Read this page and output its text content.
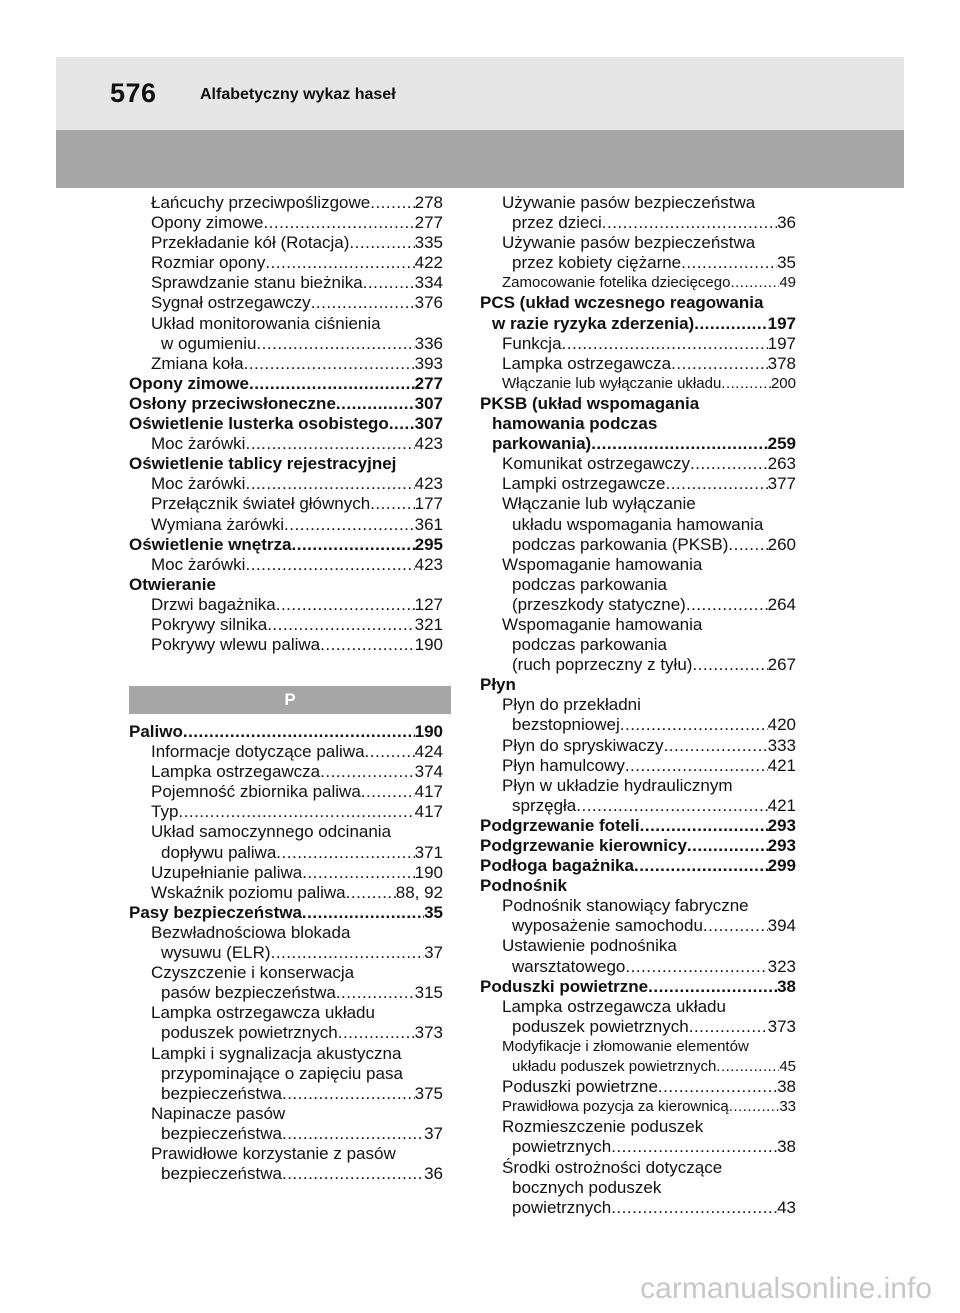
576	Alfabetyczny wykaz haseł
Łańcuchy przeciwpoślizgowe .....	278
Opony zimowe .....	277
Przekładanie kół (Rotacja) .....	335
Rozmiar opony .....	422
Sprawdzanie stanu bieżnika .....	334
Sygnał ostrzegawczy .....	376
Układ monitorowania ciśnienia
w ogumieniu .....	336
Zmiana koła .....	393
Opony zimowe .....	277
Osłony przeciwsłoneczne .....	307
Oświetlenie lusterka osobistego ..... 307
Moc żarówki .....	423
Oświetlenie tablicy rejestracyjnej
Moc żarówki .....	423
Przełącznik świateł głównych .....	177
Wymiana żarówki .....	361
Oświetlenie wnętrza .....	295
Moc żarówki .....	423
Otwieranie
Drzwi bagażnika .....	127
Pokrywy silnika .....	321
Pokrywy wlewu paliwa .....	190
P
Paliwo .....	190
Informacje dotyczące paliwa .....	424
Lampka ostrzegawcza .....	374
Pojemność zbiornika paliwa .....	417
Typ .....	417
Układ samoczynnego odcinania
dopływu paliwa .....	371
Uzupełnianie paliwa .....	190
Wskaźnik poziomu paliwa .....	88, 92
Pasy bezpieczeństwa .....	35
Bezwładnościowa blokada
wysuwu (ELR) .....	37
Czyszczenie i konserwacja
pasów bezpieczeństwa .....	315
Lampka ostrzegawcza układu
poduszek powietrznych .....	373
Lampki i sygnalizacja akustyczna
przypominające o zapięciu pasa
bezpieczeństwa .....	375
Napinacze pasów
bezpieczeństwa .....	37
Prawidłowe korzystanie z pasów
bezpieczeństwa .....	36
Używanie pasów bezpieczeństwa
przez dzieci .....	36
Używanie pasów bezpieczeństwa
przez kobiety ciężarne .....	35
Zamocowanie fotelika dziecięcego .....	49
PCS (układ wczesnego reagowania
w razie ryzyka zderzenia) .....	197
Funkcja .....	197
Lampka ostrzegawcza .....	378
Włączanie lub wyłączanie układu .....	200
PKSB (układ wspomagania
hamowania podczas
parkowania) .....	259
Komunikat ostrzegawczy .....	263
Lampki ostrzegawcze .....	377
Włączanie lub wyłączanie
układu wspomagania hamowania
podczas parkowania (PKSB) ..... 260
Wspomaganie hamowania
podczas parkowania
(przeszkody statyczne) .....	264
Wspomaganie hamowania
podczas parkowania
(ruch poprzeczny z tyłu) .....	267
Płyn
Płyn do przekładni
bezstopniowej .....	420
Płyn do spryskiwaczy .....	333
Płyn hamulcowy .....	421
Płyn w układzie hydraulicznym
sprzęgła .....	421
Podgrzewanie foteli .....	293
Podgrzewanie kierownicy .....	293
Podłoga bagażnika .....	299
Podnośnik
Podnośnik stanowiący fabryczne
wyposażenie samochodu .....	394
Ustawienie podnośnika
warsztatowego .....	323
Poduszki powietrzne .....	38
Lampka ostrzegawcza układu
poduszek powietrznych .....	373
Modyfikacje i złomowanie elementów
układu poduszek powietrznych .....	45
Poduszki powietrzne .....	38
Prawidłowa pozycja za kierownicą .....	33
Rozmieszczenie poduszek
powietrznych .....	38
Środki ostrożności dotyczące
bocznych poduszek
powietrznych .....	43
carmanualsonline.info
